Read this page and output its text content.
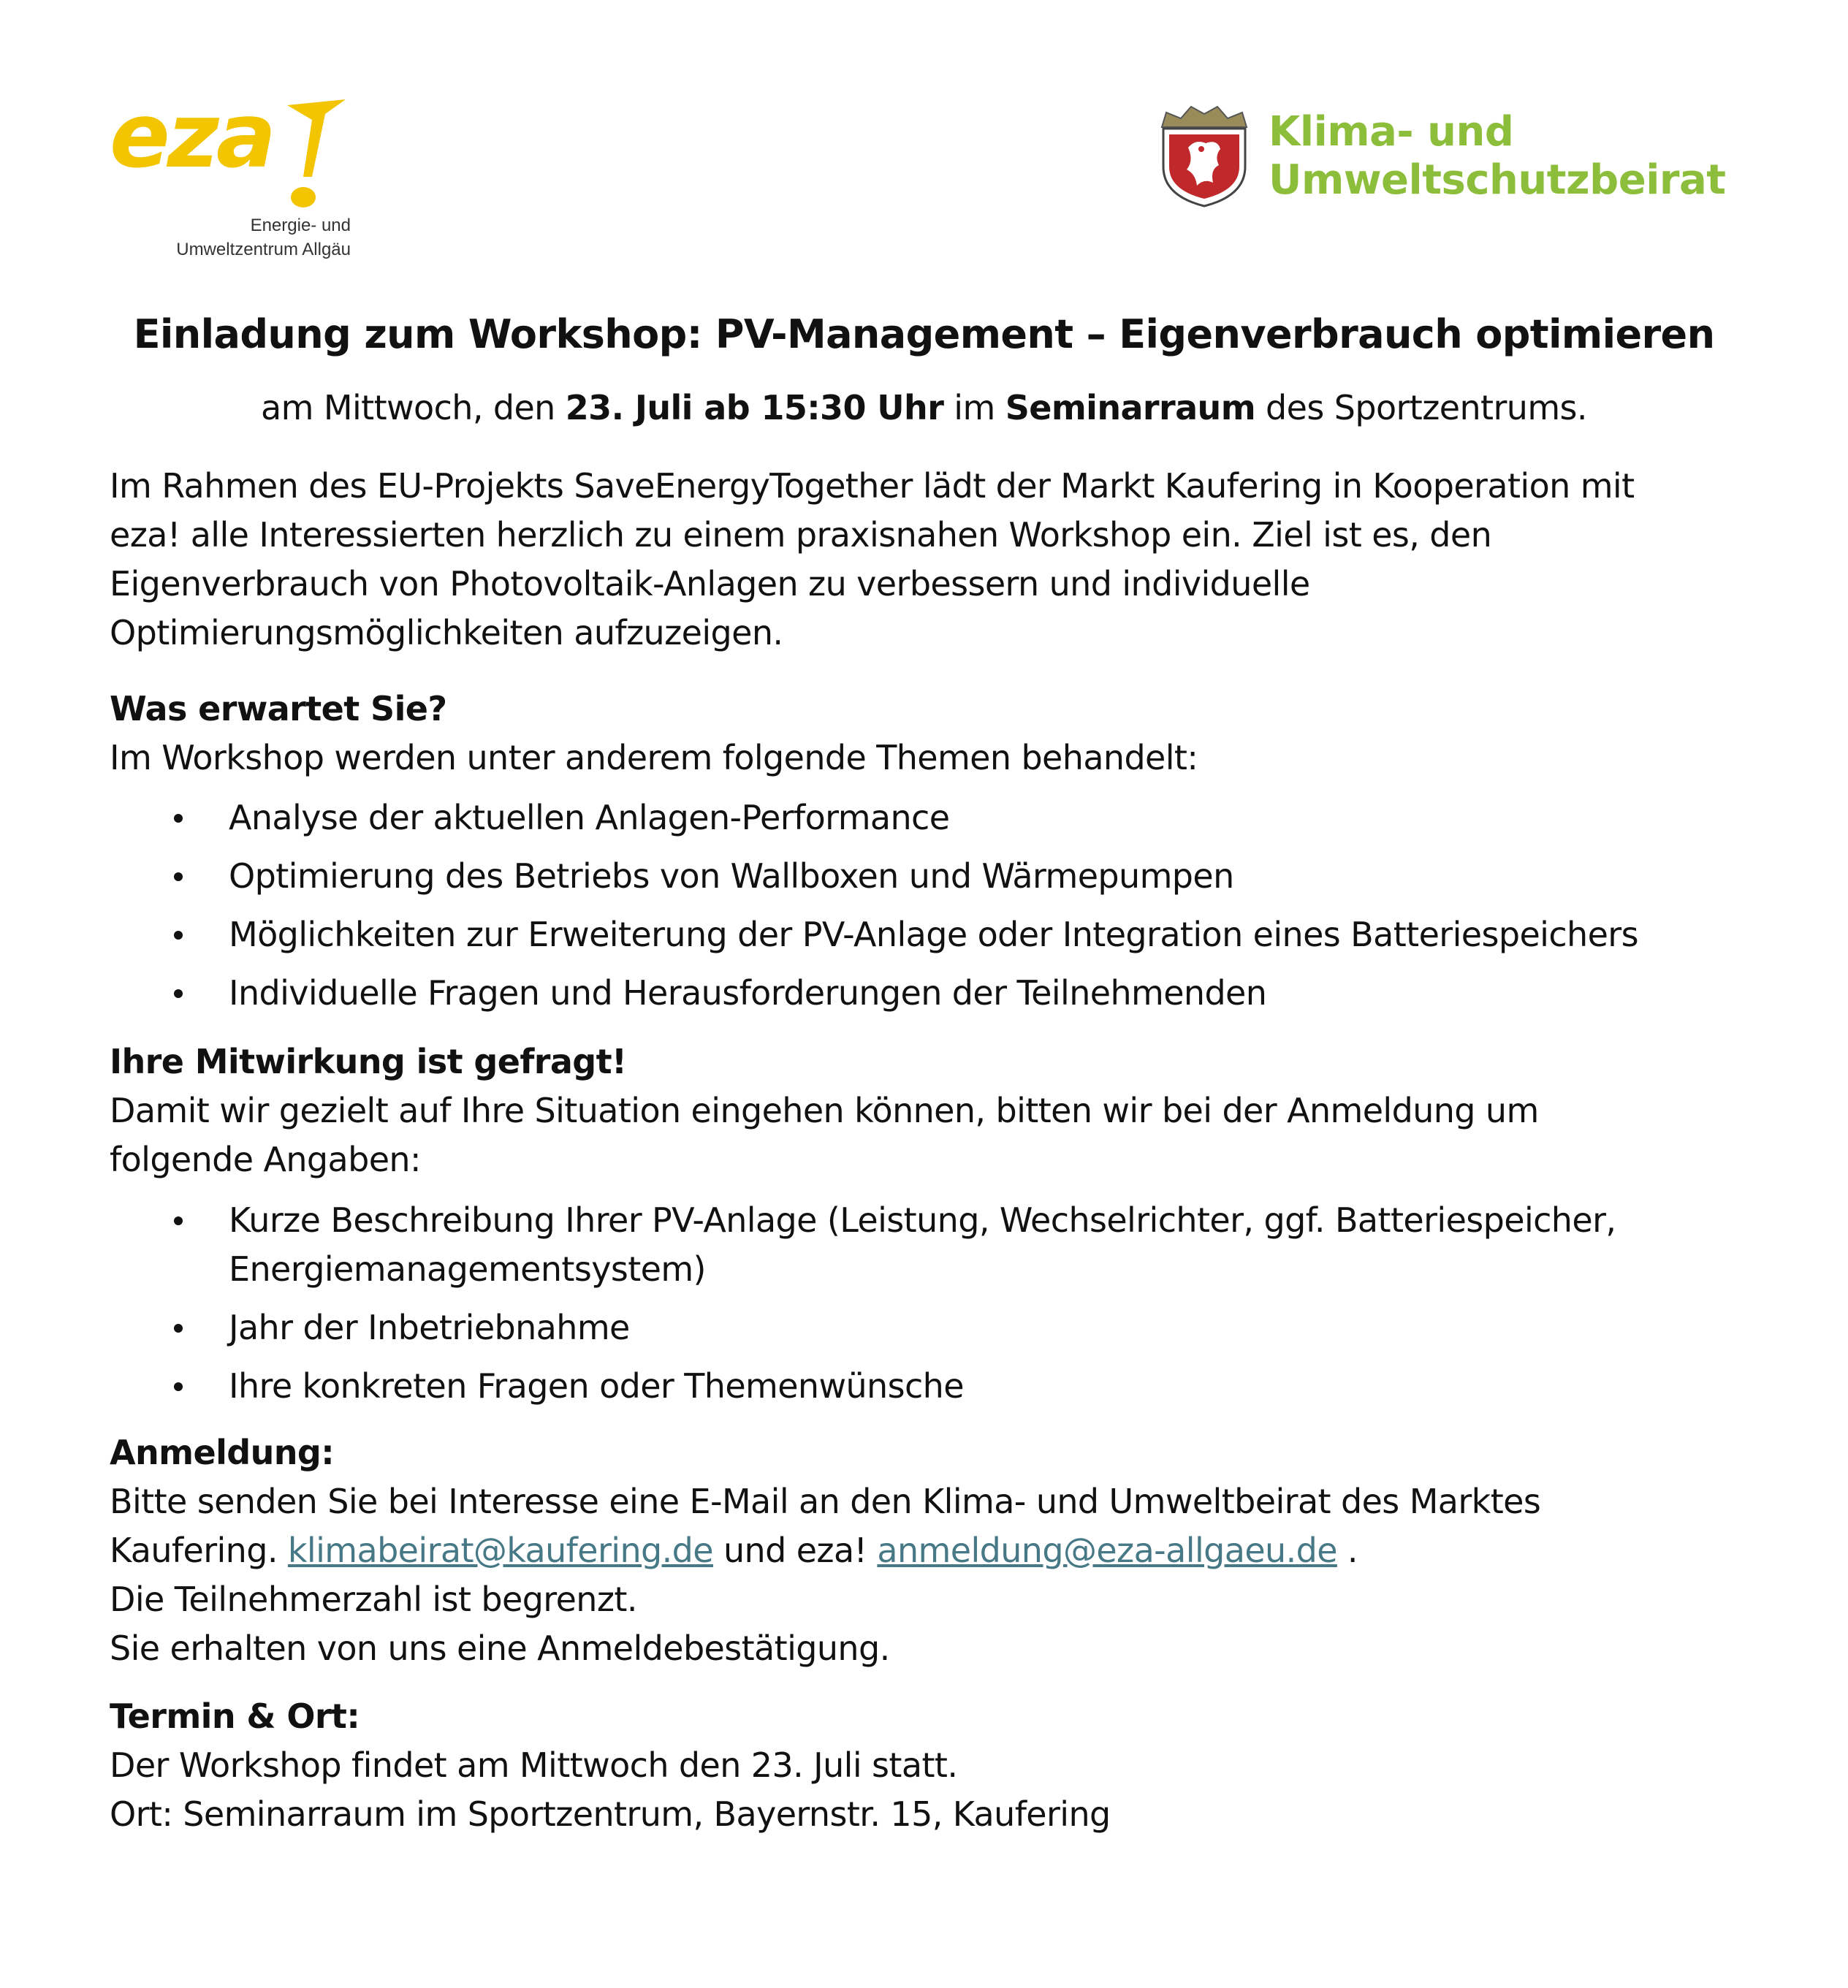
eza
Energie- und
Umweltzentrum Allgäu
Klima- und
Umweltschutzbeirat
Einladung zum Workshop: PV-Management – Eigenverbrauch optimieren
am Mittwoch, den 23. Juli ab 15:30 Uhr im Seminarraum des Sportzentrums.

Im Rahmen des EU-Projekts SaveEnergyTogether lädt der Markt Kaufering in Kooperation mit

eza! alle Interessierten herzlich zu einem praxisnahen Workshop ein. Ziel ist es, den

Eigenverbrauch von Photovoltaik-Anlagen zu verbessern und individuelle

Optimierungsmöglichkeiten aufzuzeigen.

Was erwartet Sie?

Im Workshop werden unter anderem folgende Themen behandelt:

Analyse der aktuellen Anlagen-Performance
Optimierung des Betriebs von Wallboxen und Wärmepumpen
Möglichkeiten zur Erweiterung der PV-Anlage oder Integration eines Batteriespeichers
Individuelle Fragen und Herausforderungen der Teilnehmenden

Ihre Mitwirkung ist gefragt!

Damit wir gezielt auf Ihre Situation eingehen können, bitten wir bei der Anmeldung um

folgende Angaben:

Kurze Beschreibung Ihrer PV-Anlage (Leistung, Wechselrichter, ggf. Batteriespeicher,
Energiemanagementsystem)
Jahr der Inbetriebnahme
Ihre konkreten Fragen oder Themenwünsche

Anmeldung:

Bitte senden Sie bei Interesse eine E-Mail an den Klima- und Umweltbeirat des Marktes

Kaufering. klimabeirat@kaufering.de und eza! anmeldung@eza-allgaeu.de .

Die Teilnehmerzahl ist begrenzt.

Sie erhalten von uns eine Anmeldebestätigung.

Termin & Ort:

Der Workshop findet am Mittwoch den 23. Juli statt.

Ort: Seminarraum im Sportzentrum, Bayernstr. 15, Kaufering
